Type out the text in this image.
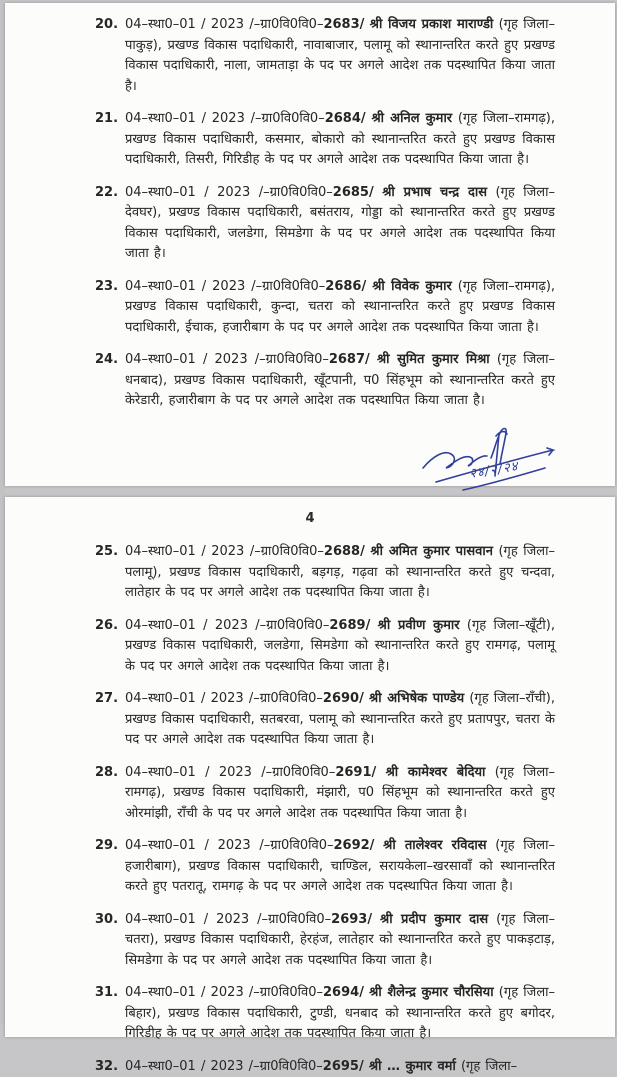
20. 04–स्था0–01 / 2023 /–ग्रा0वि0वि0–2683/ श्री विजय प्रकाश माराण्डी (गृह जिला– पाकुड़), प्रखण्ड विकास पदाधिकारी, नावाबाजार, पलामू को स्थानान्तरित करते हुए प्रखण्ड विकास पदाधिकारी, नाला, जामताड़ा के पद पर अगले आदेश तक पदस्थापित किया जाता है।

21. 04–स्था0–01 / 2023 /–ग्रा0वि0वि0–2684/ श्री अनिल कुमार (गृह जिला–रामगढ़), प्रखण्ड विकास पदाधिकारी, कसमार, बोकारो को स्थानान्तरित करते हुए प्रखण्ड विकास पदाधिकारी, तिसरी, गिरिडीह के पद पर अगले आदेश तक पदस्थापित किया जाता है।

22. 04–स्था0–01 / 2023 /–ग्रा0वि0वि0–2685/ श्री प्रभाष चन्द्र दास (गृह जिला– देवघर), प्रखण्ड विकास पदाधिकारी, बसंतराय, गोड्डा को स्थानान्तरित करते हुए प्रखण्ड विकास पदाधिकारी, जलडेगा, सिमडेगा के पद पर अगले आदेश तक पदस्थापित किया जाता है।

23. 04–स्था0–01 / 2023 /–ग्रा0वि0वि0–2686/ श्री विवेक कुमार (गृह जिला–रामगढ़), प्रखण्ड विकास पदाधिकारी, कुन्दा, चतरा को स्थानान्तरित करते हुए प्रखण्ड विकास पदाधिकारी, ईचाक, हजारीबाग के पद पर अगले आदेश तक पदस्थापित किया जाता है।

24. 04–स्था0–01 / 2023 /–ग्रा0वि0वि0–2687/ श्री सुमित कुमार मिश्रा (गृह जिला– धनबाद), प्रखण्ड विकास पदाधिकारी, खूँटपानी, प0 सिंहभूम को स्थानान्तरित करते हुए केरेडारी, हजारीबाग के पद पर अगले आदेश तक पदस्थापित किया जाता है।

२४/२/२४
4
25. 04–स्था0–01 / 2023 /–ग्रा0वि0वि0–2688/ श्री अमित कुमार पासवान (गृह जिला– पलामू), प्रखण्ड विकास पदाधिकारी, बड़गड़, गढ़वा को स्थानान्तरित करते हुए चन्दवा, लातेहार के पद पर अगले आदेश तक पदस्थापित किया जाता है।

26. 04–स्था0–01 / 2023 /–ग्रा0वि0वि0–2689/ श्री प्रवीण कुमार (गृह जिला–खूँटी), प्रखण्ड विकास पदाधिकारी, जलडेगा, सिमडेगा को स्थानान्तरित करते हुए रामगढ़, पलामू के पद पर अगले आदेश तक पदस्थापित किया जाता है।

27. 04–स्था0–01 / 2023 /–ग्रा0वि0वि0–2690/ श्री अभिषेक पाण्डेय (गृह जिला–राँची), प्रखण्ड विकास पदाधिकारी, सतबरवा, पलामू को स्थानान्तरित करते हुए प्रतापपुर, चतरा के पद पर अगले आदेश तक पदस्थापित किया जाता है।

28. 04–स्था0–01 / 2023 /–ग्रा0वि0वि0–2691/ श्री कामेश्वर बेदिया (गृह जिला– रामगढ़), प्रखण्ड विकास पदाधिकारी, मंझारी, प0 सिंहभूम को स्थानान्तरित करते हुए ओरमांझी, राँची के पद पर अगले आदेश तक पदस्थापित किया जाता है।

29. 04–स्था0–01 / 2023 /–ग्रा0वि0वि0–2692/ श्री तालेश्वर रविदास (गृह जिला– हजारीबाग), प्रखण्ड विकास पदाधिकारी, चाण्डिल, सरायकेला–खरसावाँ को स्थानान्तरित करते हुए पतरातू, रामगढ़ के पद पर अगले आदेश तक पदस्थापित किया जाता है।

30. 04–स्था0–01 / 2023 /–ग्रा0वि0वि0–2693/ श्री प्रदीप कुमार दास (गृह जिला– चतरा), प्रखण्ड विकास पदाधिकारी, हेरहंज, लातेहार को स्थानान्तरित करते हुए पाकड़टाड़, सिमडेगा के पद पर अगले आदेश तक पदस्थापित किया जाता है।

31. 04–स्था0–01 / 2023 /–ग्रा0वि0वि0–2694/ श्री शैलेन्द्र कुमार चौरसिया (गृह जिला– बिहार), प्रखण्ड विकास पदाधिकारी, टुण्डी, धनबाद को स्थानान्तरित करते हुए बगोदर, गिरिडीह के पद पर अगले आदेश तक पदस्थापित किया जाता है।

32. 04–स्था0–01 / 2023 /–ग्रा0वि0वि0–2695/ श्री … कुमार वर्मा (गृह जिला–
